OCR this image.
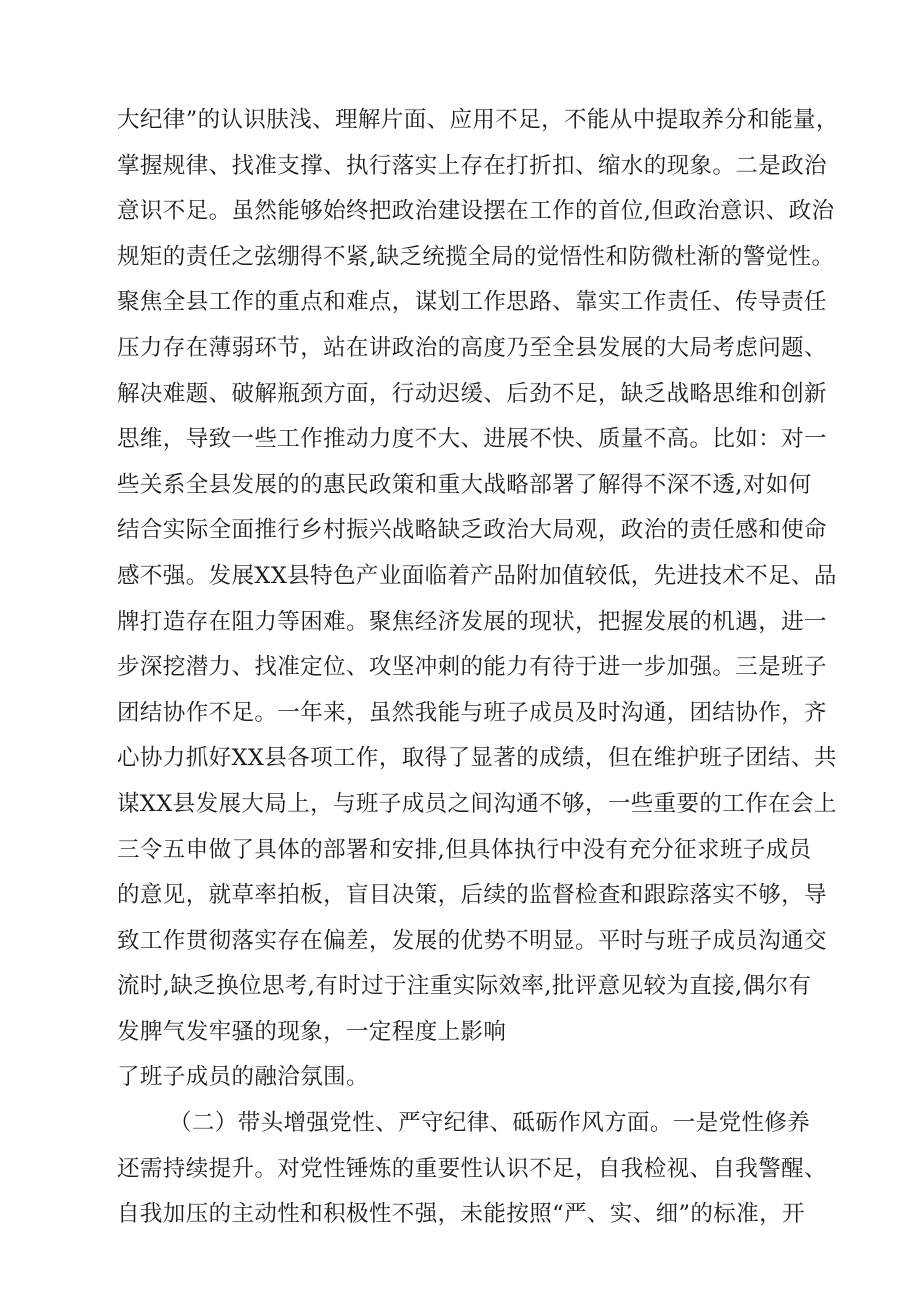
大纪律”的认识肤浅、理解片面、应用不足，不能从中提取养分和能量，
掌握规律、找准支撑、执行落实上存在打折扣、缩水的现象。二是政治
意识不足。虽然能够始终把政治建设摆在工作的首位,但政治意识、政治
规矩的责任之弦绷得不紧,缺乏统揽全局的觉悟性和防微杜渐的警觉性。
聚焦全县工作的重点和难点，谋划工作思路、靠实工作责任、传导责任
压力存在薄弱环节，站在讲政治的高度乃至全县发展的大局考虑问题、
解决难题、破解瓶颈方面，行动迟缓、后劲不足，缺乏战略思维和创新
思维，导致一些工作推动力度不大、进展不快、质量不高。比如：对一
些关系全县发展的的惠民政策和重大战略部署了解得不深不透,对如何
结合实际全面推行乡村振兴战略缺乏政治大局观，政治的责任感和使命
感不强。发展XX县特色产业面临着产品附加值较低，先进技术不足、品
牌打造存在阻力等困难。聚焦经济发展的现状，把握发展的机遇，进一
步深挖潜力、找准定位、攻坚冲刺的能力有待于进一步加强。三是班子
团结协作不足。一年来，虽然我能与班子成员及时沟通，团结协作，齐
心协力抓好XX县各项工作，取得了显著的成绩，但在维护班子团结、共
谋XX县发展大局上，与班子成员之间沟通不够，一些重要的工作在会上
三令五申做了具体的部署和安排,但具体执行中没有充分征求班子成员
的意见，就草率拍板，盲目决策，后续的监督检查和跟踪落实不够，导
致工作贯彻落实存在偏差，发展的优势不明显。平时与班子成员沟通交
流时,缺乏换位思考,有时过于注重实际效率,批评意见较为直接,偶尔有
发脾气发牢骚的现象，一定程度上影响
了班子成员的融洽氛围。
（二）带头增强党性、严守纪律、砥砺作风方面。一是党性修养
还需持续提升。对党性锤炼的重要性认识不足，自我检视、自我警醒、
自我加压的主动性和积极性不强，未能按照“严、实、细”的标准，开
